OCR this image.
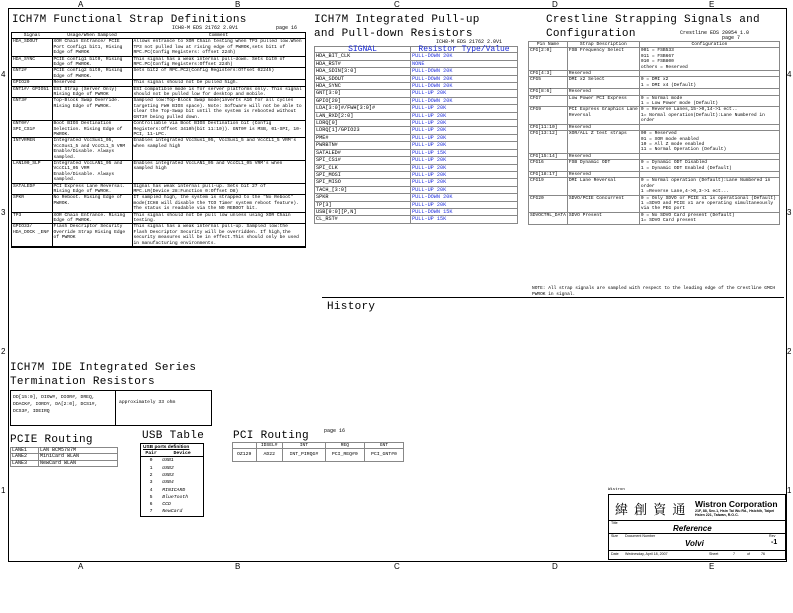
A	B	C	D	E
A	B	C	D	E
4
3
2
1
4
3
2
1
ICH7M Functional Strap Definitions
ICH8-M EDS 21762 2.0V1	page 16
Signal	Usage/When Sampled	Comment
HDA_SDOUT	XOR Chain Entrance/ PCIE Port Config1 bit1, Rising Edge of PWROK	Allows entrance to XOR Chain testing when TP3 pulled low.When TP3 not pulled low at rising edge of PWROK,sets bit1 of RPC.PC(Config Registers: offset 224h)
HDA_SYNC	PCIE config1 bit0, Rising Edge of PWROK.	This signal has a weak internal pull-down. Sets bit0 of RPC.PC(Config Registers:Offset 224h)
GNT2#	PCIE config2 bit0, Rising Edge of PWROK.	Sets bit2 of RPC.PC2(Config Registers:Offset 0224h)
GPIO20	Reserved	This signal should not be pulled high.
GNT1#/ GPIO51	ESI Strap (Server Only) Rising Edge of PWROK	ESI compatible mode is for server platforms only. This signal should not be pulled low for desktop and mobile.
GNT3#	Top-Block Swap Override. Rising Edge of PWROK.	Sampled low:Top-Block Swap mode(inverts A16 for all cycles targeting FWH BIOS space). Note: Software will not be able to clear the Top-Swap bit until the system is rebooted without GNT3# being pulled down.
GNT0#/ SPI_CS1#	Boot BIOS Destination Selection. Rising Edge of PWROK.	Controllable via Boot BIOS Destination bit (Config Registers:Offset 3410h(bit 11:10)). GNT0# is MSB, 01-SPI, 10-PCI, 11-LPC.
INTVRMEN	Integrated VccSus1_05, VccSus1_5 and VccCL1_5 VRM Enable/Disable. Always sampled.	Enables integrated VccSus1_05, VccSus1_5 and VccCL1_5 VRM's when sampled high
LAN100_SLP	Integrated VccLAN1_05 and VccCL1_05 VRM Enable/Disable. Always sampled.	Enables integrated VccLAN1_05 and VccCL1_05 VRM's when sampled high
SATALED#	PCI Express Lane Reversal. Rising Edge of PWROK.	Signal has weak internal pull-up. Sets bit 27 of MPC.LR(Device 28:Function 0:Offset D8)
SPKR	No Reboot. Rising Edge of PWROK.	If sampled high, the system is strapped to the "No Reboot" mode(ICH8 will disable the TCO Timer system reboot feature). The status is readable via the NO REBOOT bit.
TP3	XOR Chain Entrance. Rising Edge of PWROK.	This signal should not be pull low unless using XOR Chain testing.
GPIO33/ HDA_DOCK _EN#	Flash Descriptor Security Override Strap Rising Edge of PWROK	This signal has a weak internal pull-up. Sampled low:the Flash Descriptor Security will be overridden. If high,the security measures will be in effect.This should only be used in manufacturing environments.
ICH7M Integrated Pull-up
and Pull-down Resistors
ICH8-M EDS 21762 2.0V1
SIGNAL	Resistor Type/Value
HDA_BIT_CLK	PULL-DOWN 20K
HDA_RST#	NONE
HDA_SDIN[3:0]	PULL-DOWN 20K
HDA_SDOUT	PULL-DOWN 20K
HDA_SYNC	PULL-DOWN 20K
GNT[3:0]	PULL-UP 20K
GPIO[20]	PULL-DOWN 20K
LDA[3:0]#/FWH[3:0]#	PULL-UP 20K
LAN_RXD[2:0]	PULL-UP 20K
LDRQ[0]	PULL-UP 20K
LDRQ[1]/GPIO23	PULL-UP 20K
PME#	PULL-UP 20K
PWRBTN#	PULL-UP 20K
SATALED#	PULL-UP 15K
SPI_CS1#	PULL-UP 20K
SPI_CLK	PULL-UP 20K
SPI_MOSI	PULL-UP 20K
SPI_MISO	PULL-UP 20K
TACH_[3:0]	PULL-UP 20K
SPKR	PULL-DOWN 20K
TP[3]	PULL-UP 20K
USB[9:0][P,N]	PULL-DOWN 15K
CL_RST#	PULL-UP 15K
Crestline Strapping Signals and
Configuration	Crestline EDS 20954 1.0
page 7
Pin Name	Strap Description	Configuration
CFG[2:0]	FSB Frequency Select	001 = FSB533
011 = FSB667
010 = FSB800
others = Reserved
CFG[4:3]	Reserved	
CFG5	DMI x2 Select	0 = DMI x2
1 = DMI x4 (Default)
CFG[8:6]	Reserved	
CFG7	Low Power PCI Express	0 = Normal mode
1 = Low Power mode (Default)
CFG9	PCI Express Graphics Lane Reversal	0 = Reverse Lanes,15->0,14->1 ect..
1= Normal operation(Default):Lane Numbered in order
CFG[11:10]	Reserved	
CFG[13:12]	XOR/ALL Z test straps	00 = Reserved
01 = XOR mode enabled
10 = All Z mode enabled
11 = Normal Operation (Default)
CFG[15:14]	Reserved	
CFG16	FSB Dynamic ODT	0 = Dynamic ODT Disabled
1 = Dynamic ODT Enabled (Default)
CFG[18:17]	Reserved	
CFG19	DMI Lane Reversal	0 = Normal operation (Default):Lane Numbered in order
1 =Reverse Lane,4->0,3->1 ect...
CFG20	SDVO/PCIE Concurrent	0 = Only SDVO or PCIE x1 is operational (Default)
1 =SDVO and PCIE x1 are operating simultaneously via the PEG port
SDVOCTRL_DATA	SDVO Present	0 = No SDVO Card present (Default)
1= SDVO Card present
NOTE: All strap signals are sampled with respect to the leading edge of the Crestline GMCH PWROK in signal.
History
ICH7M IDE Integrated Series
Termination Resistors
DD[15:0], DIOW#, DIOR#, DREQ, DDACK#, IORDY, DA[2:0], DCS1#, DCS3#, IDEIRQ
approximately 33 ohm
PCIE Routing
LANE1	LAN BCM5787M
LANE2	MiniCard WLAN
LANE3	NewCard WLAN
USB Table
USB ports definition
Pair	Device
0	USB1
1	USB2
2	USB3
3	USB4
4	MINICARD
5	BlueTooth
6	CCD
7	NewCard
PCI Routing	page 16
	IDSEL#	INT	REQ	GNT
OZ129	AD22	INT_PIRQG#	PCI_REQ#0	PCI_GNT#0
Wistron
緯 創 資 通 Wistron Corporation
21F, 88, Sec.1, Hsin Tai Wu Rd., Hsichih, Taipei Hsien 221, Taiwan, R.O.C.
Title
Reference
Size Document Number	Rev
Volvi	-1
Date Wednesday, April 18, 2007	Sheet	7	of	76
